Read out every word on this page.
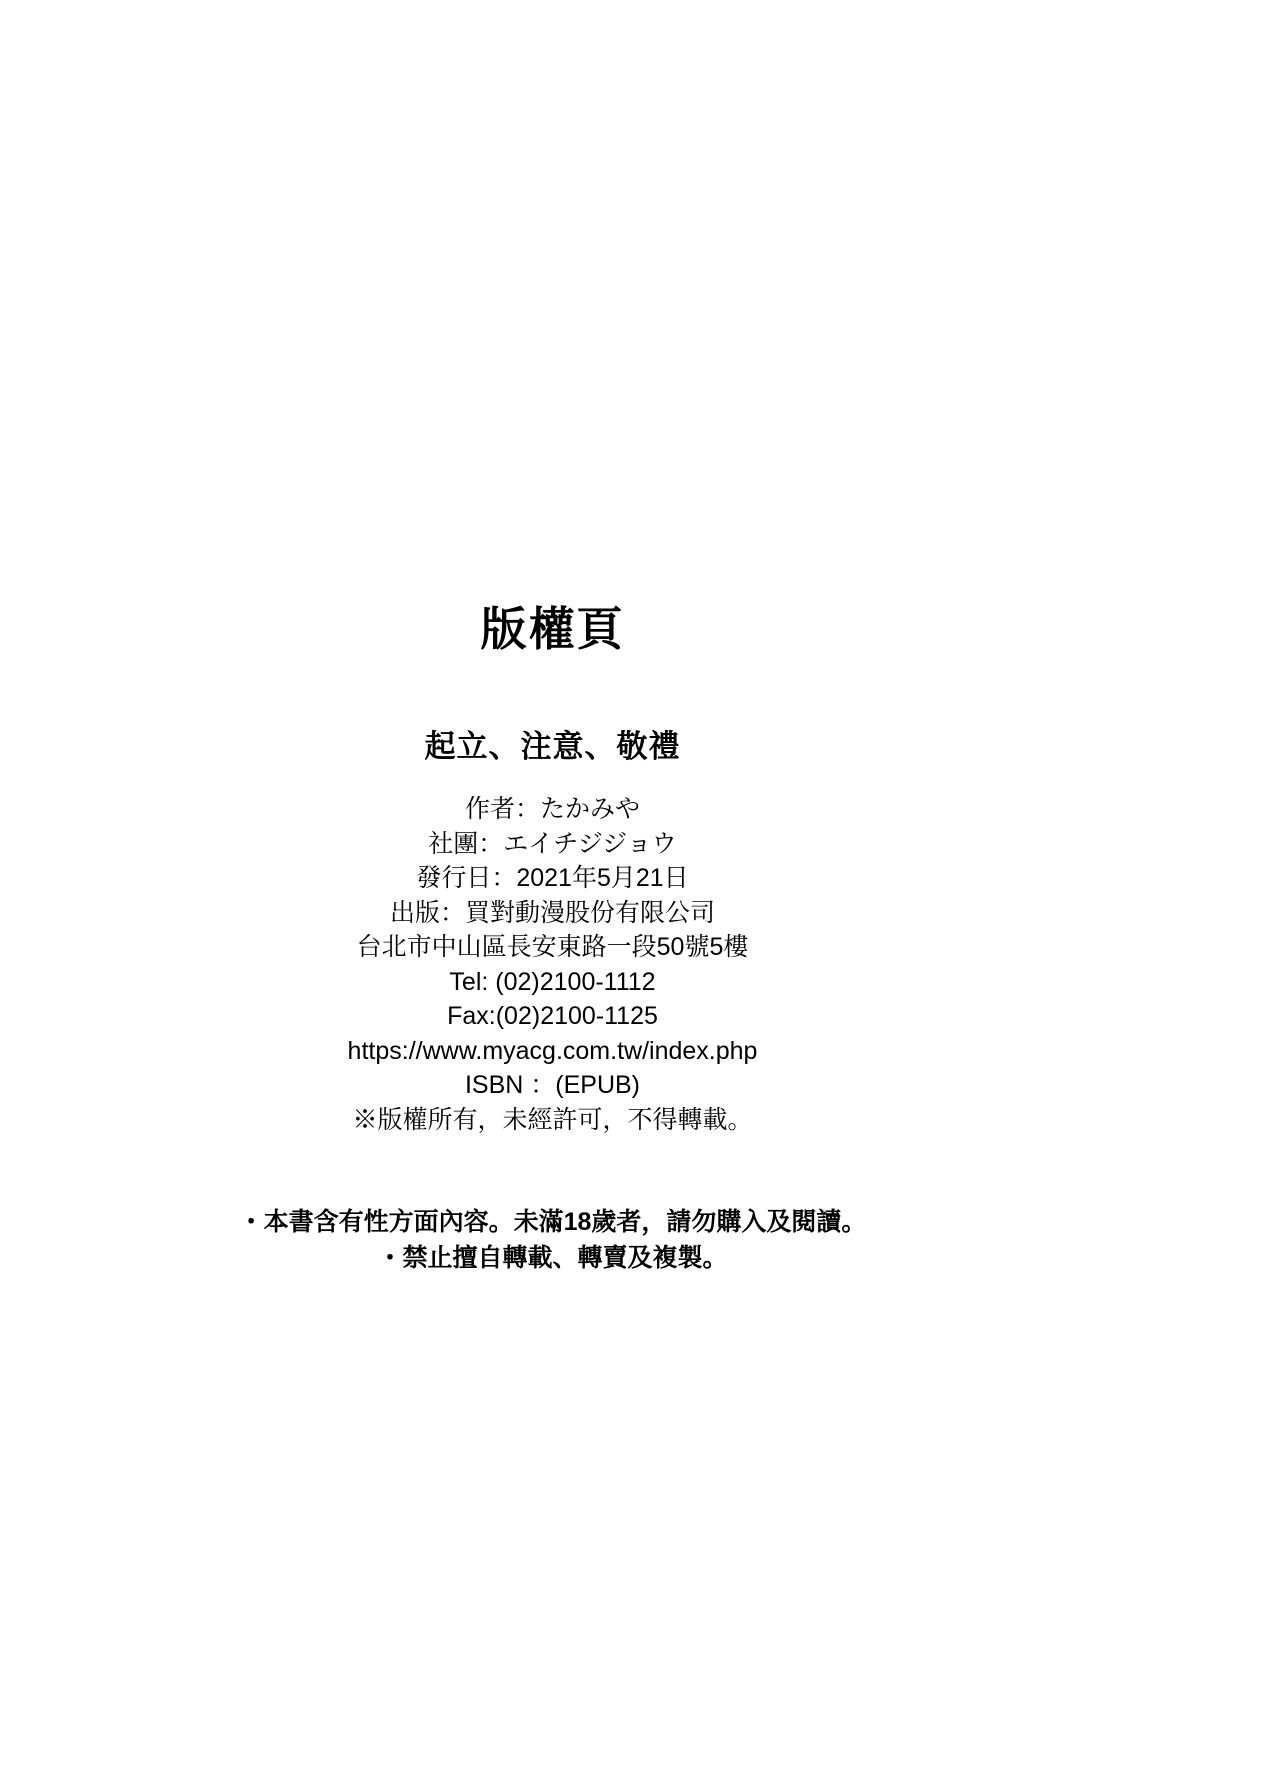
版權頁
起立、注意、敬禮
作者：たかみや
社團：エイチジジョウ
發行日：2021年5月21日
出版：買對動漫股份有限公司
台北市中山區長安東路一段50號5樓
Tel: (02)2100-1112
Fax:(02)2100-1125
https://www.myacg.com.tw/index.php
ISBN ：(EPUB)
※版權所有，未經許可，不得轉載。
・本書含有性方面內容。未滿18歲者，請勿購入及閱讀。
・禁止擅自轉載、轉賣及複製。
